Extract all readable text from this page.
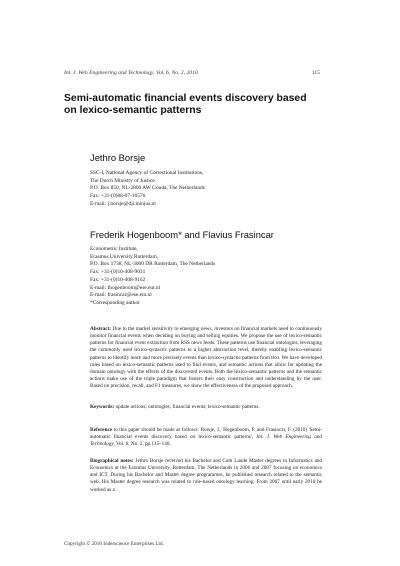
Int. J. Web Engineering and Technology, Vol. 6, No. 2, 2010	115
Semi-automatic financial events discovery based on lexico-semantic patterns
Jethro Borsje
SSC-I, National Agency of Correctional Institutions,
The Dutch Ministry of Justice,
P.O. Box 850, NL-2800 AW Gouda, The Netherlands
Fax: +31-(0)88-07-16576
E-mail: j.borsje@dji.minjus.nl
Frederik Hogenboom* and Flavius Frasincar
Econometric Institute,
Erasmus University Rotterdam,
P.O. Box 1738, NL-3000 DR Rotterdam, The Netherlands
Fax: +31-(0)10-408-9031
Fax: +31-(0)10-408-9162
E-mail: fhogenboom@ese.eur.nl
E-mail: frasincar@ese.eur.nl
*Corresponding author
Abstract: Due to the market sensitivity to emerging news, investors on financial markets need to continuously monitor financial events when deciding on buying and selling equities. We propose the use of lexico-semantic patterns for financial event extraction from RSS news feeds. These patterns use financial ontologies, leveraging the commonly used lexico-syntactic patterns to a higher abstraction level, thereby enabling lexico-semantic patterns to identify more and more precisely events than lexico-syntactic patterns from text. We have developed rules based on lexico-semantic patterns used to find events, and semantic actions that allow for updating the domain ontology with the effects of the discovered events. Both the lexico-semantic patterns and the semantic actions make use of the triple paradigm that fosters their easy construction and understanding by the user. Based on precision, recall, and F1 measures, we show the effectiveness of the proposed approach.
Keywords: update actions; ontologies; financial events; lexico-semantic patterns.
Reference to this paper should be made as follows: Borsje, J., Hogenboom, F. and Frasincar, F. (2010) 'Semi-automatic financial events discovery based on lexico-semantic patterns', Int. J. Web Engineering and Technology, Vol. 6, No. 2, pp.115–140.
Biographical notes: Jethro Borsje received his Bachelor and Cum Laude Master degrees in Informatics and Economics at the Erasmus University, Rotterdam, The Netherlands in 2006 and 2007 focusing on economics and ICT. During his Bachelor and Master degree programmes, he published research related to the semantic web. His Master degree research was related to rule-based ontology learning. From 2007 until early 2010 he worked as a
Copyright © 2010 Inderscience Enterprises Ltd.
